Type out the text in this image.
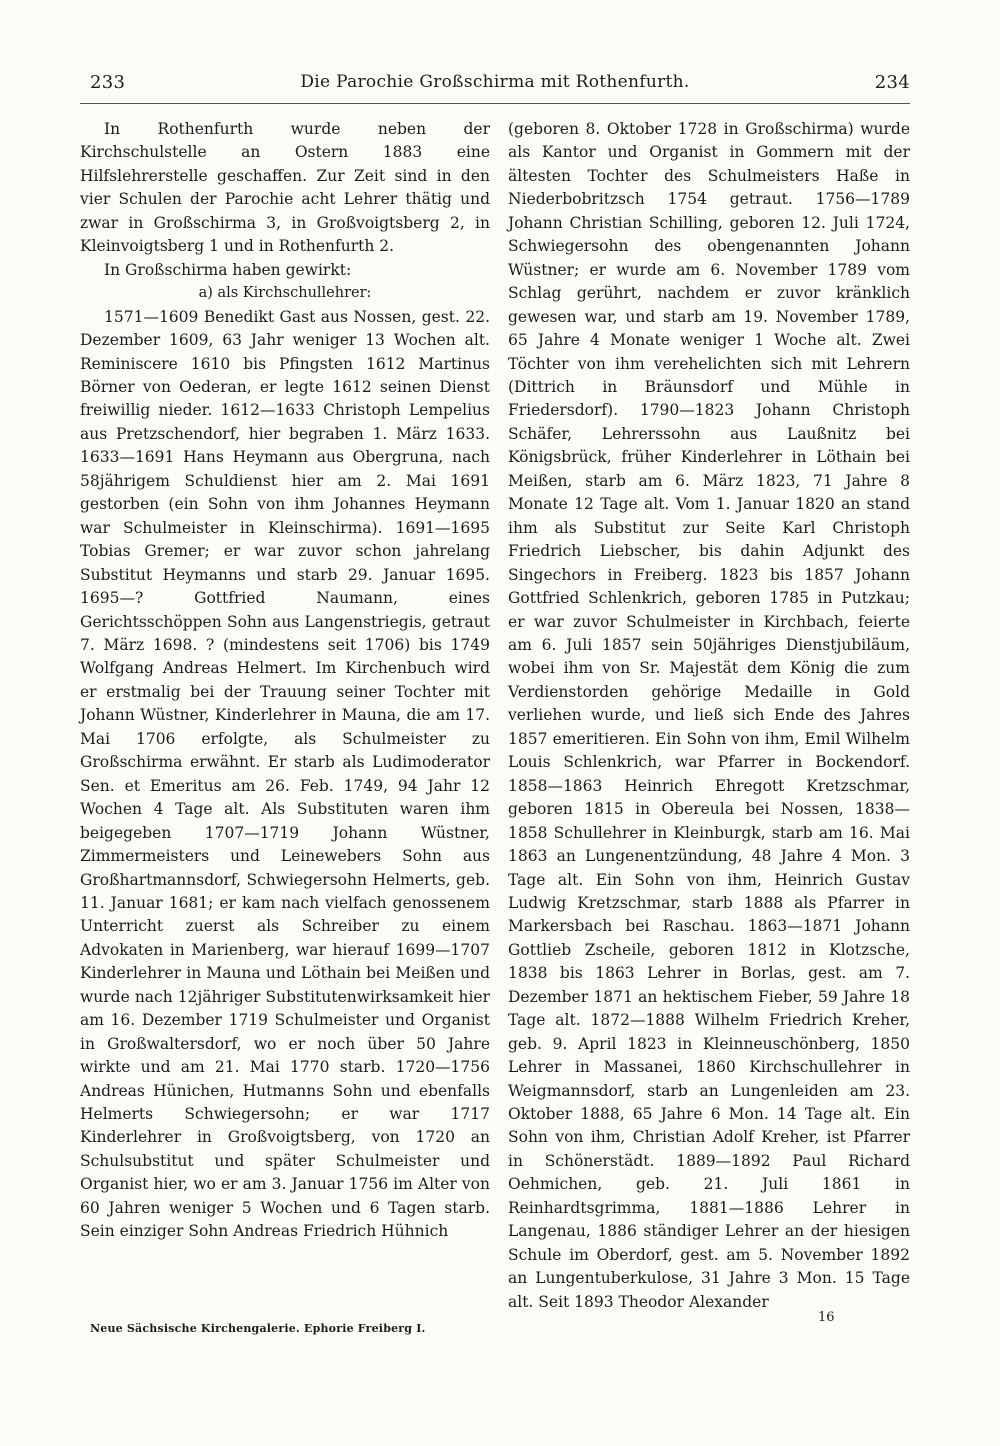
233	Die Parochie Großschirma mit Rothenfurth.	234

In Rothenfurth wurde neben der Kirchschulstelle an Ostern 1883 eine Hilfslehrerstelle geschaffen. Zur Zeit sind in den vier Schulen der Parochie acht Lehrer thätig und zwar in Großschirma 3, in Großvoigtsberg 2, in Kleinvoigtsberg 1 und in Rothenfurth 2.

In Großschirma haben gewirkt:

a) als Kirchschullehrer:

1571—1609 Benedikt Gast aus Nossen, gest. 22. Dezember 1609, 63 Jahr weniger 13 Wochen alt. Reminiscere 1610 bis Pfingsten 1612 Martinus Börner von Oederan, er legte 1612 seinen Dienst freiwillig nieder. 1612—1633 Christoph Lempelius aus Pretzschendorf, hier begraben 1. März 1633. 1633—1691 Hans Heymann aus Obergruna, nach 58jährigem Schuldienst hier am 2. Mai 1691 gestorben (ein Sohn von ihm Johannes Heymann war Schulmeister in Kleinschirma). 1691—1695 Tobias Gremer; er war zuvor schon jahrelang Substitut Heymanns und starb 29. Januar 1695. 1695—? Gottfried Naumann, eines Gerichtsschöppen Sohn aus Langenstriegis, getraut 7. März 1698. ? (mindestens seit 1706) bis 1749 Wolfgang Andreas Helmert. Im Kirchenbuch wird er erstmalig bei der Trauung seiner Tochter mit Johann Wüstner, Kinderlehrer in Mauna, die am 17. Mai 1706 erfolgte, als Schulmeister zu Großschirma erwähnt. Er starb als Ludimoderator Sen. et Emeritus am 26. Feb. 1749, 94 Jahr 12 Wochen 4 Tage alt. Als Substituten waren ihm beigegeben 1707—1719 Johann Wüstner, Zimmermeisters und Leinewebers Sohn aus Großhartmannsdorf, Schwiegersohn Helmerts, geb. 11. Januar 1681; er kam nach vielfach genossenem Unterricht zuerst als Schreiber zu einem Advokaten in Marienberg, war hierauf 1699—1707 Kinderlehrer in Mauna und Löthain bei Meißen und wurde nach 12jähriger Substitutenwirksamkeit hier am 16. Dezember 1719 Schulmeister und Organist in Großwaltersdorf, wo er noch über 50 Jahre wirkte und am 21. Mai 1770 starb. 1720—1756 Andreas Hünichen, Hutmanns Sohn und ebenfalls Helmerts Schwiegersohn; er war 1717 Kinderlehrer in Großvoigtsberg, von 1720 an Schulsubstitut und später Schulmeister und Organist hier, wo er am 3. Januar 1756 im Alter von 60 Jahren weniger 5 Wochen und 6 Tagen starb. Sein einziger Sohn Andreas Friedrich Hühnich

(geboren 8. Oktober 1728 in Großschirma) wurde als Kantor und Organist in Gommern mit der ältesten Tochter des Schulmeisters Haße in Niederbobritzsch 1754 getraut. 1756—1789 Johann Christian Schilling, geboren 12. Juli 1724, Schwiegersohn des obengenannten Johann Wüstner; er wurde am 6. November 1789 vom Schlag gerührt, nachdem er zuvor kränklich gewesen war, und starb am 19. November 1789, 65 Jahre 4 Monate weniger 1 Woche alt. Zwei Töchter von ihm verehelichten sich mit Lehrern (Dittrich in Bräunsdorf und Mühle in Friedersdorf). 1790—1823 Johann Christoph Schäfer, Lehrerssohn aus Laußnitz bei Königsbrück, früher Kinderlehrer in Löthain bei Meißen, starb am 6. März 1823, 71 Jahre 8 Monate 12 Tage alt. Vom 1. Januar 1820 an stand ihm als Substitut zur Seite Karl Christoph Friedrich Liebscher, bis dahin Adjunkt des Singechors in Freiberg. 1823 bis 1857 Johann Gottfried Schlenkrich, geboren 1785 in Putzkau; er war zuvor Schulmeister in Kirchbach, feierte am 6. Juli 1857 sein 50jähriges Dienstjubiläum, wobei ihm von Sr. Majestät dem König die zum Verdienstorden gehörige Medaille in Gold verliehen wurde, und ließ sich Ende des Jahres 1857 emeritieren. Ein Sohn von ihm, Emil Wilhelm Louis Schlenkrich, war Pfarrer in Bockendorf. 1858—1863 Heinrich Ehregott Kretzschmar, geboren 1815 in Obereula bei Nossen, 1838—1858 Schullehrer in Kleinburgk, starb am 16. Mai 1863 an Lungenentzündung, 48 Jahre 4 Mon. 3 Tage alt. Ein Sohn von ihm, Heinrich Gustav Ludwig Kretzschmar, starb 1888 als Pfarrer in Markersbach bei Raschau. 1863—1871 Johann Gottlieb Zscheile, geboren 1812 in Klotzsche, 1838 bis 1863 Lehrer in Borlas, gest. am 7. Dezember 1871 an hektischem Fieber, 59 Jahre 18 Tage alt. 1872—1888 Wilhelm Friedrich Kreher, geb. 9. April 1823 in Kleinneuschönberg, 1850 Lehrer in Massanei, 1860 Kirchschullehrer in Weigmannsdorf, starb an Lungenleiden am 23. Oktober 1888, 65 Jahre 6 Mon. 14 Tage alt. Ein Sohn von ihm, Christian Adolf Kreher, ist Pfarrer in Schönerstädt. 1889—1892 Paul Richard Oehmichen, geb. 21. Juli 1861 in Reinhardtsgrimma, 1881—1886 Lehrer in Langenau, 1886 ständiger Lehrer an der hiesigen Schule im Oberdorf, gest. am 5. November 1892 an Lungentuberkulose, 31 Jahre 3 Mon. 15 Tage alt. Seit 1893 Theodor Alexander

Neue Sächsische Kirchengalerie. Ephorie Freiberg I.
16
